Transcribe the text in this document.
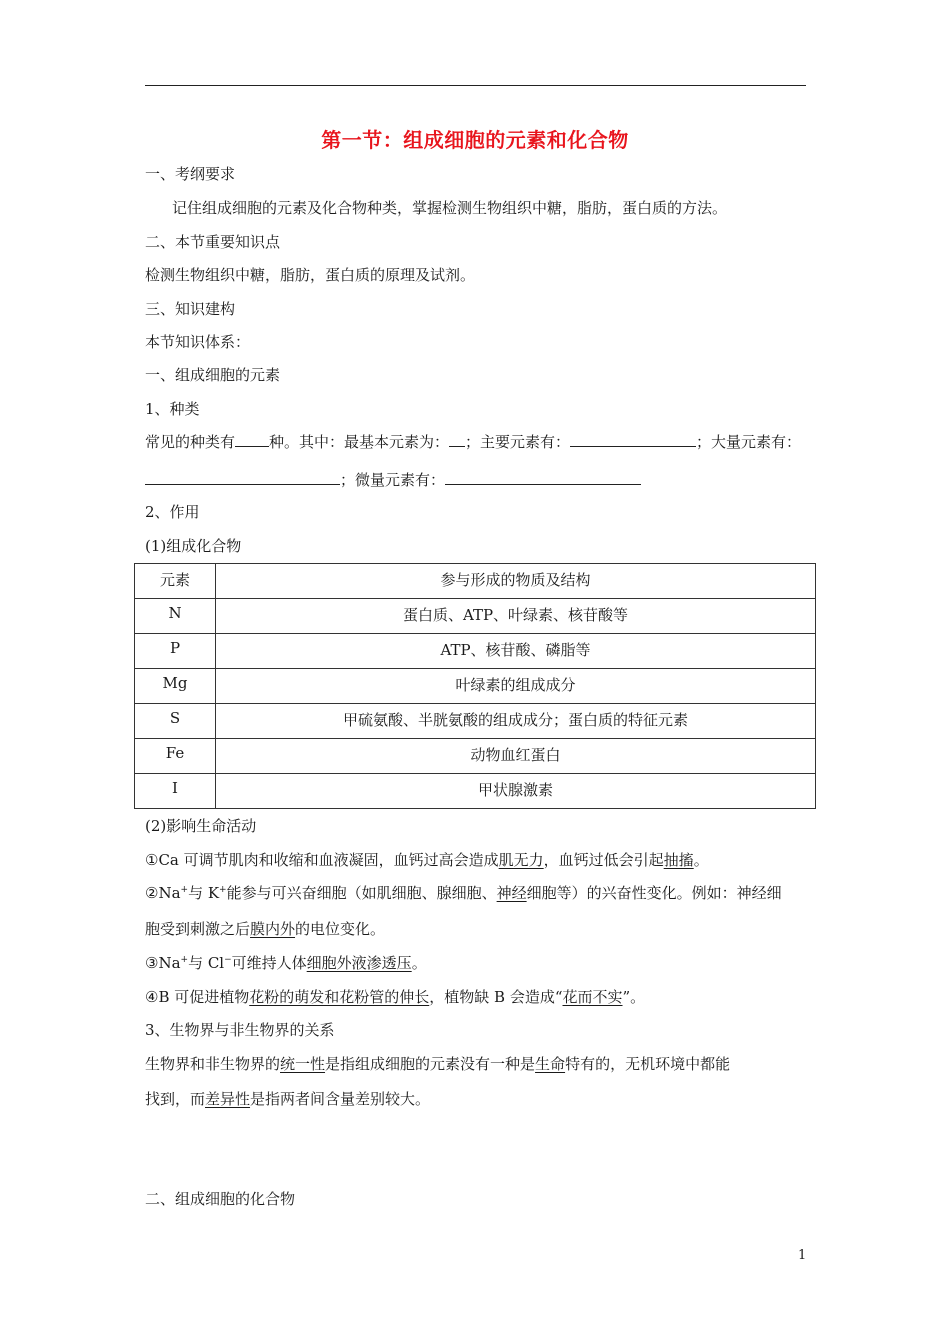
第一节：组成细胞的元素和化合物
一、考纲要求
记住组成细胞的元素及化合物种类，掌握检测生物组织中糖，脂肪，蛋白质的方法。
二、本节重要知识点
检测生物组织中糖，脂肪，蛋白质的原理及试剂。
三、知识建构
本节知识体系：
一、组成细胞的元素
1、种类
常见的种类有 种。其中：最基本元素为： ；主要元素有：	；大量元素有：
；微量元素有：
2、作用
(1)组成化合物
元素	参与形成的物质及结构

N	蛋白质、ATP、叶绿素、核苷酸等

P	ATP、核苷酸、磷脂等

Mg	叶绿素的组成成分

S	甲硫氨酸、半胱氨酸的组成成分；蛋白质的特征元素

Fe	动物血红蛋白

I	甲状腺激素
(2)影响生命活动
①Ca 可调节肌肉和收缩和血液凝固，血钙过高会造成肌无力，血钙过低会引起抽搐。
②Na+与 K+能参与可兴奋细胞（如肌细胞、腺细胞、神经细胞等）的兴奋性变化。例如：神经细
胞受到刺激之后膜内外的电位变化。
③Na+与 Cl−可维持人体细胞外液渗透压。
④B 可促进植物花粉的萌发和花粉管的伸长，植物缺 B 会造成“花而不实”。
3、生物界与非生物界的关系
生物界和非生物界的统一性是指组成细胞的元素没有一种是生命特有的，无机环境中都能
找到，而差异性是指两者间含量差别较大。
二、组成细胞的化合物
1
